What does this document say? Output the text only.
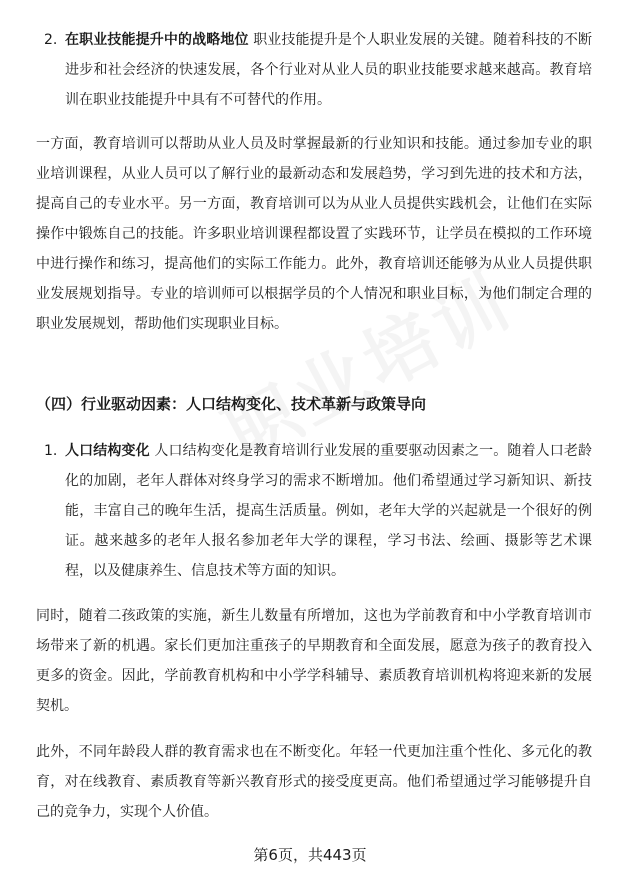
2. 在职业技能提升中的战略地位 职业技能提升是个人职业发展的关键。随着科技的不断进步和社会经济的快速发展，各个行业对从业人员的职业技能要求越来越高。教育培训在职业技能提升中具有不可替代的作用。

一方面，教育培训可以帮助从业人员及时掌握最新的行业知识和技能。通过参加专业的职业培训课程，从业人员可以了解行业的最新动态和发展趋势，学习到先进的技术和方法，提高自己的专业水平。另一方面，教育培训可以为从业人员提供实践机会，让他们在实际操作中锻炼自己的技能。许多职业培训课程都设置了实践环节，让学员在模拟的工作环境中进行操作和练习，提高他们的实际工作能力。此外，教育培训还能够为从业人员提供职业发展规划指导。专业的培训师可以根据学员的个人情况和职业目标，为他们制定合理的职业发展规划，帮助他们实现职业目标。

（四）行业驱动因素：人口结构变化、技术革新与政策导向
1. 人口结构变化 人口结构变化是教育培训行业发展的重要驱动因素之一。随着人口老龄化的加剧，老年人群体对终身学习的需求不断增加。他们希望通过学习新知识、新技能，丰富自己的晚年生活，提高生活质量。例如，老年大学的兴起就是一个很好的例证。越来越多的老年人报名参加老年大学的课程，学习书法、绘画、摄影等艺术课程，以及健康养生、信息技术等方面的知识。

同时，随着二孩政策的实施，新生儿数量有所增加，这也为学前教育和中小学教育培训市场带来了新的机遇。家长们更加注重孩子的早期教育和全面发展，愿意为孩子的教育投入更多的资金。因此，学前教育机构和中小学学科辅导、素质教育培训机构将迎来新的发展契机。

此外，不同年龄段人群的教育需求也在不断变化。年轻一代更加注重个性化、多元化的教育，对在线教育、素质教育等新兴教育形式的接受度更高。他们希望通过学习能够提升自己的竞争力，实现个人价值。

第6页，共443页
